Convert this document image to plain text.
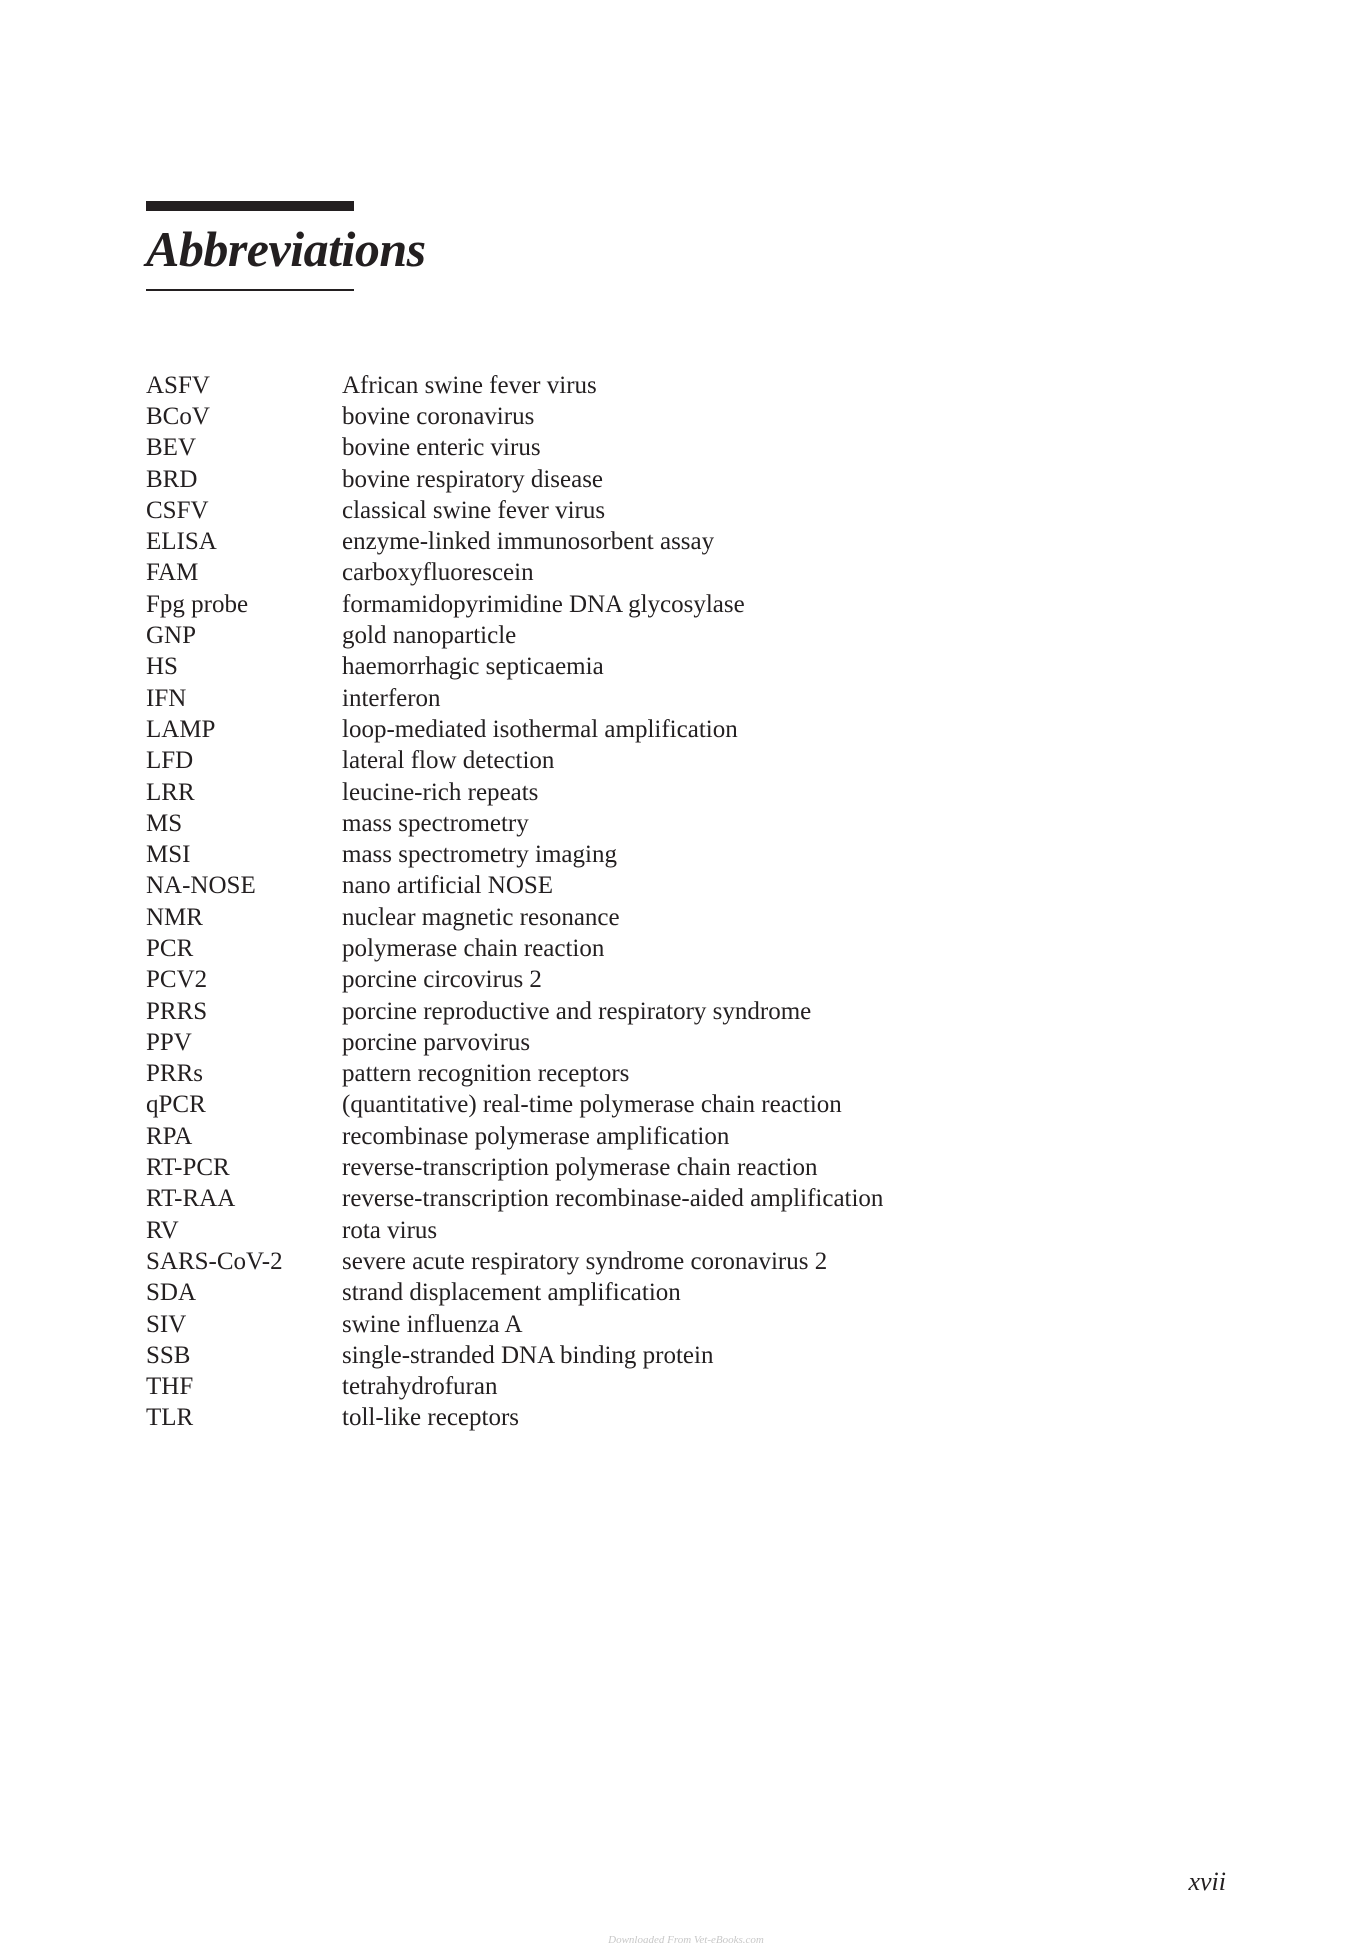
Abbreviations
ASFV	African swine fever virus
BCoV	bovine coronavirus
BEV	bovine enteric virus
BRD	bovine respiratory disease
CSFV	classical swine fever virus
ELISA	enzyme-linked immunosorbent assay
FAM	carboxyfluorescein
Fpg probe	formamidopyrimidine DNA glycosylase
GNP	gold nanoparticle
HS	haemorrhagic septicaemia
IFN	interferon
LAMP	loop-mediated isothermal amplification
LFD	lateral flow detection
LRR	leucine-rich repeats
MS	mass spectrometry
MSI	mass spectrometry imaging
NA-NOSE	nano artificial NOSE
NMR	nuclear magnetic resonance
PCR	polymerase chain reaction
PCV2	porcine circovirus 2
PRRS	porcine reproductive and respiratory syndrome
PPV	porcine parvovirus
PRRs	pattern recognition receptors
qPCR	(quantitative) real-time polymerase chain reaction
RPA	recombinase polymerase amplification
RT-PCR	reverse-transcription polymerase chain reaction
RT-RAA	reverse-transcription recombinase-aided amplification
RV	rota virus
SARS-CoV-2	severe acute respiratory syndrome coronavirus 2
SDA	strand displacement amplification
SIV	swine influenza A
SSB	single-stranded DNA binding protein
THF	tetrahydrofuran
TLR	toll-like receptors
xvii
Downloaded From Vet-eBooks.com
